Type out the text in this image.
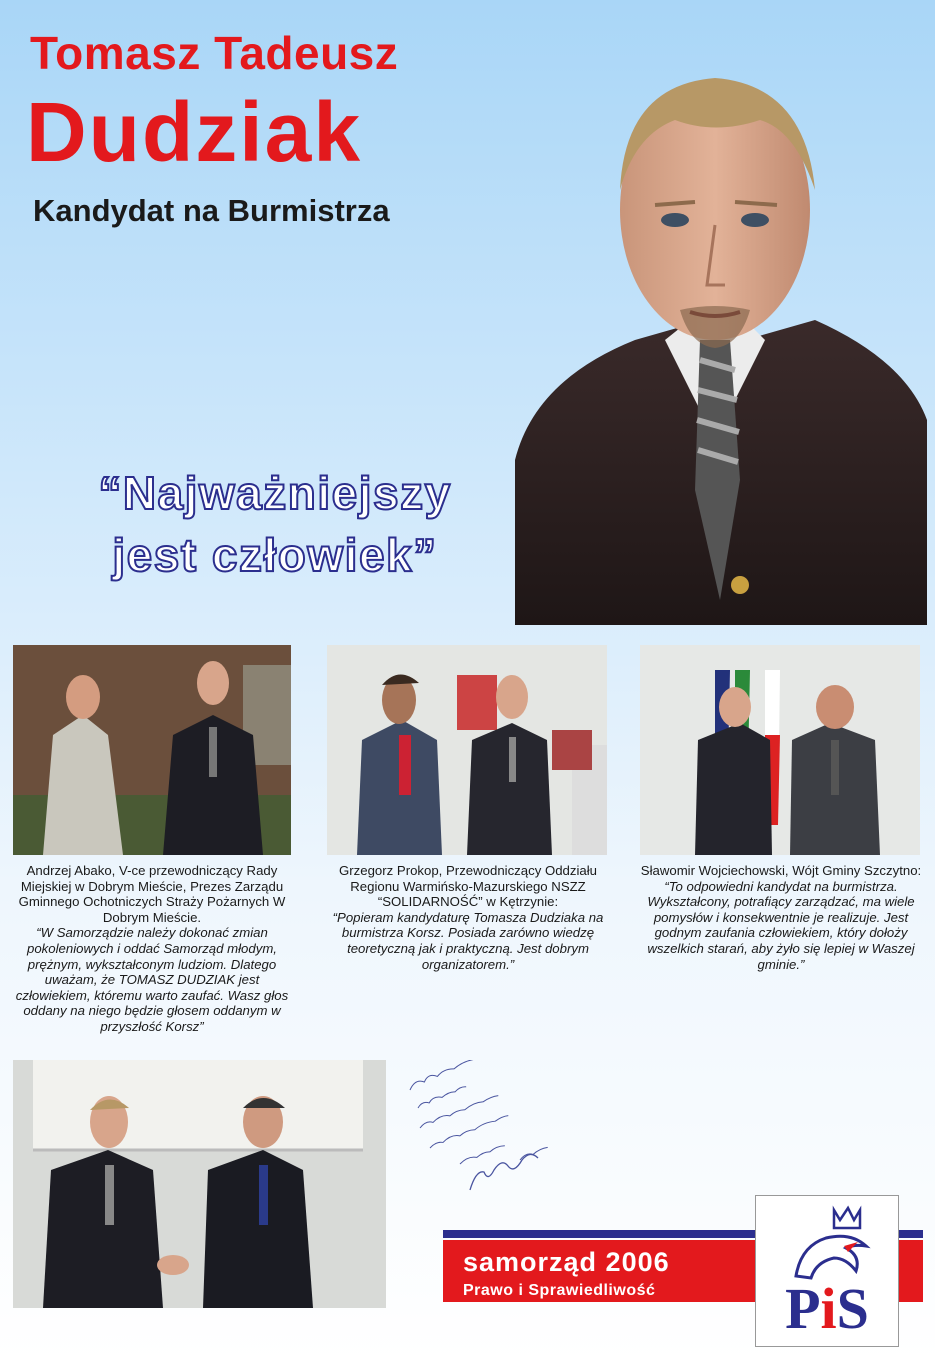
Tomasz Tadeusz
Dudziak
Kandydat na Burmistrza
“Najważniejszy
jest człowiek”
Andrzej Abako, V-ce przewodniczący Rady Miejskiej w Dobrym Mieście, Prezes Zarządu Gminnego Ochotniczych Straży Pożarnych W Dobrym Mieście.
“W Samorządzie należy dokonać zmian pokoleniowych i oddać Samorząd młodym, prężnym, wykształconym ludziom. Dlatego uważam, że TOMASZ DUDZIAK jest człowiekiem, któremu warto zaufać. Wasz głos oddany na niego będzie głosem oddanym w przyszłość Korsz”
Grzegorz Prokop, Przewodniczący Oddziału Regionu Warmińsko-Mazurskiego NSZZ “SOLIDARNOŚĆ” w Kętrzynie:
“Popieram kandydaturę Tomasza Dudziaka na burmistrza Korsz. Posiada zarówno wiedzę teoretyczną jak i praktyczną. Jest dobrym organizatorem.”
Sławomir Wojciechowski, Wójt Gminy Szczytno:
“To odpowiedni kandydat na burmistrza. Wykształcony, potrafiący zarządzać, ma wiele pomysłów i konsekwentnie je realizuje. Jest godnym zaufania człowiekiem, który dołoży wszelkich starań, aby żyło się lepiej w Waszej gminie.”
samorząd 2006
Prawo i Sprawiedliwość	PiS
